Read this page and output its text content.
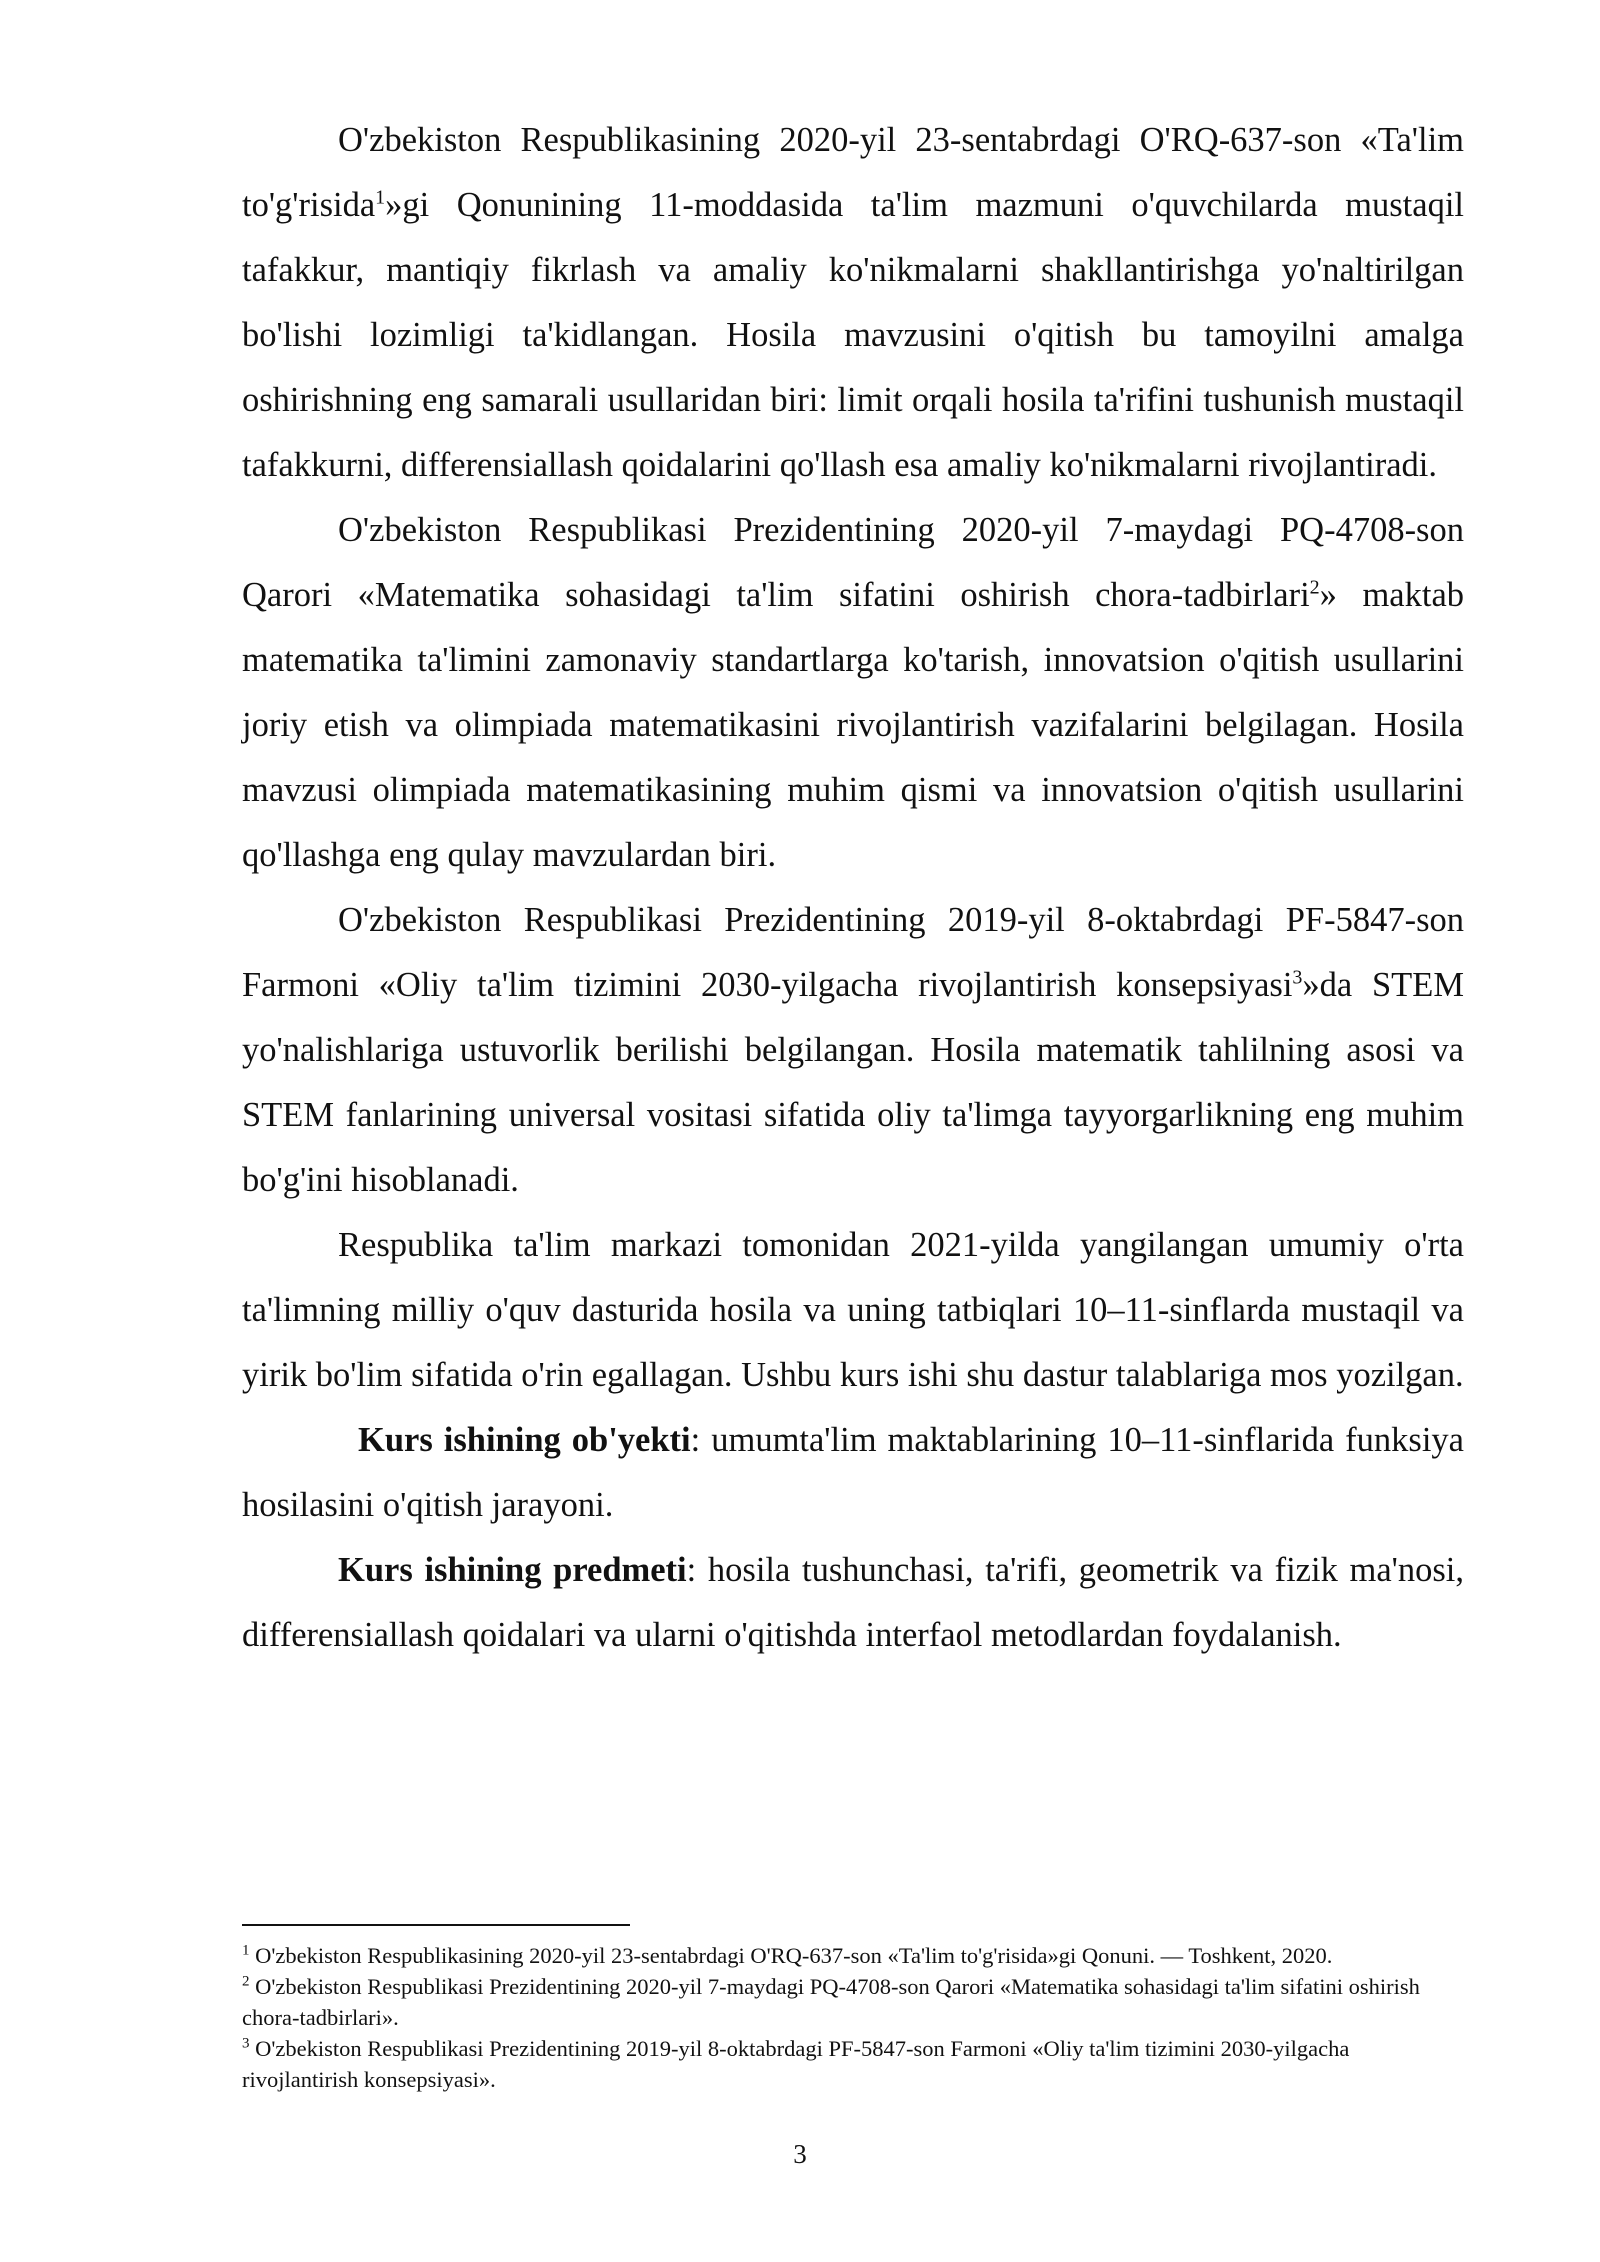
O'zbekiston Respublikasining 2020-yil 23-sentabrdagi O'RQ-637-son «Ta'lim to'g'risida$^1$»gi Qonunining 11-moddasida ta'lim mazmuni o'quvchilarda mustaqil tafakkur, mantiqiy fikrlash va amaliy ko'nikmalarni shakllantirishga yo'naltirilgan bo'lishi lozimligi ta'kidlangan. Hosila mavzusini o'qitish bu tamoyilni amalga oshirishning eng samarali usullaridan biri: limit orqali hosila ta'rifini tushunish mustaqil tafakkurni, differensiallash qoidalarini qo'llash esa amaliy ko'nikmalarni rivojlantiradi.

O'zbekiston Respublikasi Prezidentining 2020-yil 7-maydagi PQ-4708-son Qarori «Matematika sohasidagi ta'lim sifatini oshirish chora-tadbirlari$^2$» maktab matematika ta'limini zamonaviy standartlarga ko'tarish, innovatsion o'qitish usullarini joriy etish va olimpiada matematikasini rivojlantirish vazifalarini belgilagan. Hosila mavzusi olimpiada matematikasining muhim qismi va innovatsion o'qitish usullarini qo'llashga eng qulay mavzulardan biri.

O'zbekiston Respublikasi Prezidentining 2019-yil 8-oktabrdagi PF-5847-son Farmoni «Oliy ta'lim tizimini 2030-yilgacha rivojlantirish konsepsiyasi$^3$»da STEM yo'nalishlariga ustuvorlik berilishi belgilangan. Hosila matematik tahlilning asosi va STEM fanlarining universal vositasi sifatida oliy ta'limga tayyorgarlikning eng muhim bo'g'ini hisoblanadi.

Respublika ta'lim markazi tomonidan 2021-yilda yangilangan umumiy o'rta ta'limning milliy o'quv dasturida hosila va uning tatbiqlari 10–11-sinflarda mustaqil va yirik bo'lim sifatida o'rin egallagan. Ushbu kurs ishi shu dastur talablariga mos yozilgan.

Kurs ishining ob'yekti: umumta'lim maktablarining 10–11-sinflarida funksiya hosilasini o'qitish jarayoni.

Kurs ishining predmeti: hosila tushunchasi, ta'rifi, geometrik va fizik ma'nosi, differensiallash qoidalari va ularni o'qitishda interfaol metodlardan foydalanish.

$^1$ O'zbekiston Respublikasining 2020-yil 23-sentabrdagi O'RQ-637-son «Ta'lim to'g'risida»gi Qonuni. — Toshkent, 2020.

$^2$ O'zbekiston Respublikasi Prezidentining 2020-yil 7-maydagi PQ-4708-son Qarori «Matematika sohasidagi ta'lim sifatini oshirish chora-tadbirlari».

$^3$ O'zbekiston Respublikasi Prezidentining 2019-yil 8-oktabrdagi PF-5847-son Farmoni «Oliy ta'lim tizimini 2030-yilgacha rivojlantirish konsepsiyasi».

3
